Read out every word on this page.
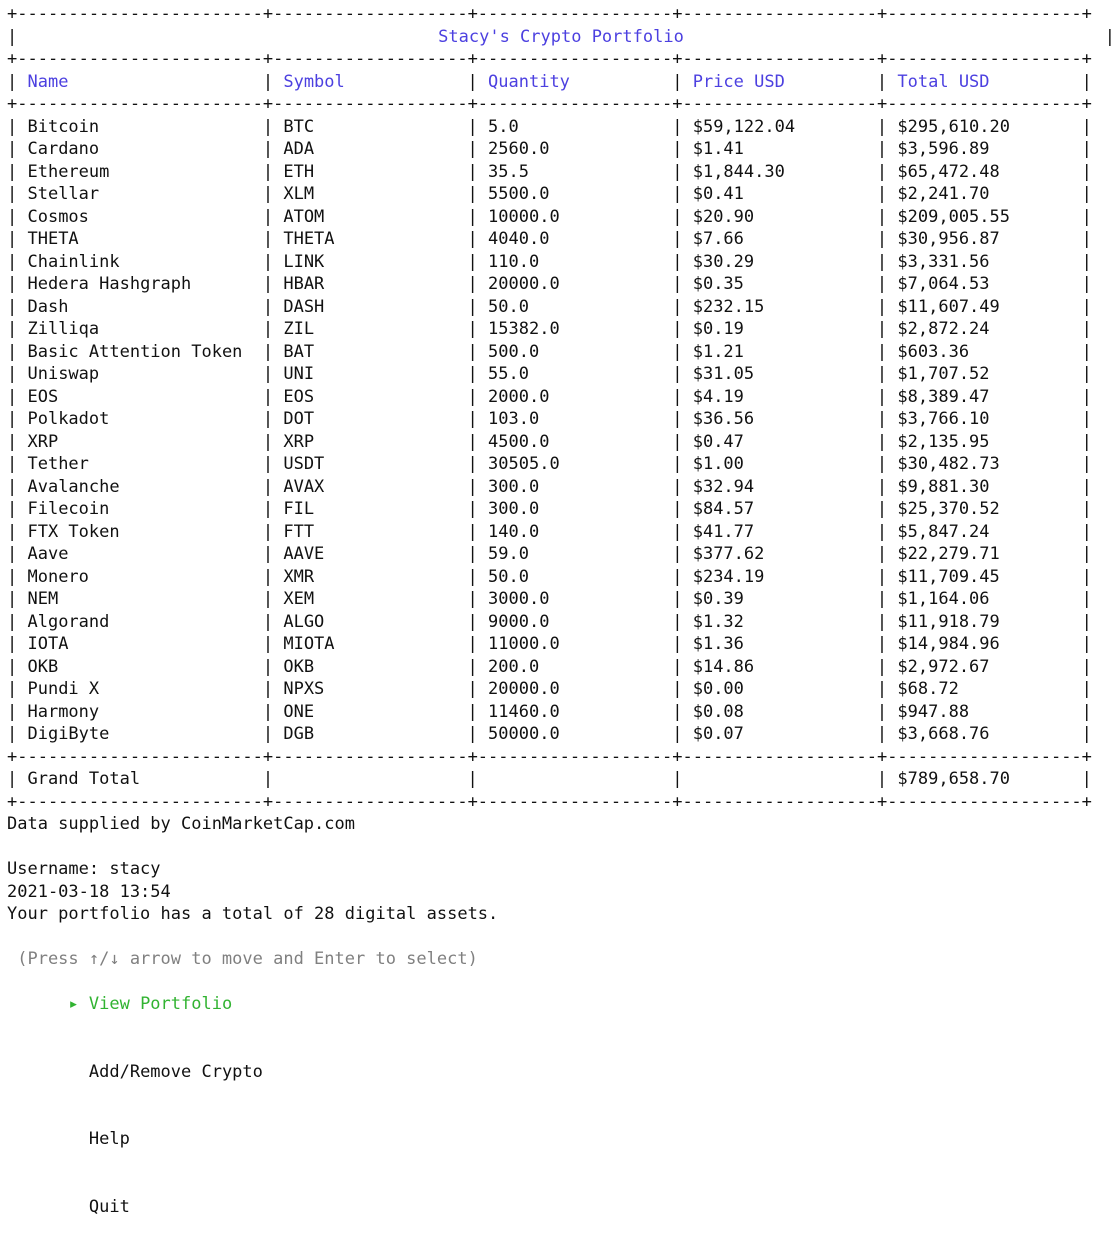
+------------------------+-------------------+-------------------+-------------------+-------------------+
|
Stacy's Crypto Portfolio
|
+------------------------+-------------------+-------------------+-------------------+-------------------+
| Name	| Symbol	| Quantity	| Price USD	| Total USD
|
+------------------------+-------------------+-------------------+-------------------+-------------------+
| Bitcoin	| BTC	| 5.0	| $59,122.04	| $295,610.20
|
| Cardano	| ADA	| 2560.0	| $1.41	| $3,596.89
|
| Ethereum	| ETH	| 35.5	| $1,844.30	| $65,472.48
|
| Stellar	| XLM	| 5500.0	| $0.41	| $2,241.70
|
| Cosmos	| ATOM	| 10000.0	| $20.90	| $209,005.55
|
| THETA	| THETA	| 4040.0	| $7.66	| $30,956.87
|
| Chainlink	| LINK	| 110.0	| $30.29	| $3,331.56
|
| Hedera Hashgraph	| HBAR	| 20000.0	| $0.35	| $7,064.53
|
| Dash	| DASH	| 50.0	| $232.15	| $11,607.49
|
| Zilliqa	| ZIL	| 15382.0	| $0.19	| $2,872.24
|
| Basic Attention Token	| BAT	| 500.0	| $1.21	| $603.36
|
| Uniswap	| UNI	| 55.0	| $31.05	| $1,707.52
|
| EOS	| EOS	| 2000.0	| $4.19	| $8,389.47
|
| Polkadot	| DOT	| 103.0	| $36.56	| $3,766.10
|
| XRP	| XRP	| 4500.0	| $0.47	| $2,135.95
|
| Tether	| USDT	| 30505.0	| $1.00	| $30,482.73
|
| Avalanche	| AVAX	| 300.0	| $32.94	| $9,881.30
|
| Filecoin	| FIL	| 300.0	| $84.57	| $25,370.52
|
| FTX Token	| FTT	| 140.0	| $41.77	| $5,847.24
|
| Aave	| AAVE	| 59.0	| $377.62	| $22,279.71
|
| Monero	| XMR	| 50.0	| $234.19	| $11,709.45
|
| NEM	| XEM	| 3000.0	| $0.39	| $1,164.06
|
| Algorand	| ALGO	| 9000.0	| $1.32	| $11,918.79
|
| IOTA	| MIOTA	| 11000.0	| $1.36	| $14,984.96
|
| OKB	| OKB	| 200.0	| $14.86	| $2,972.67
|
| Pundi X	| NPXS	| 20000.0	| $0.00	| $68.72
|
| Harmony	| ONE	| 11460.0	| $0.08	| $947.88
|
| DigiByte	| DGB	| 50000.0	| $0.07	| $3,668.76
|
+------------------------+-------------------+-------------------+-------------------+-------------------+
| Grand Total | | |	| $789,658.70
|
+------------------------+-------------------+-------------------+-------------------+-------------------+
Data supplied by CoinMarketCap.com
Username: stacy
2021-03-18 13:54
Your portfolio has a total of 28 digital assets.
(Press ↑/↓ arrow to move and Enter to select)

▸ View Portfolio

Add/Remove Crypto

Help

Quit
